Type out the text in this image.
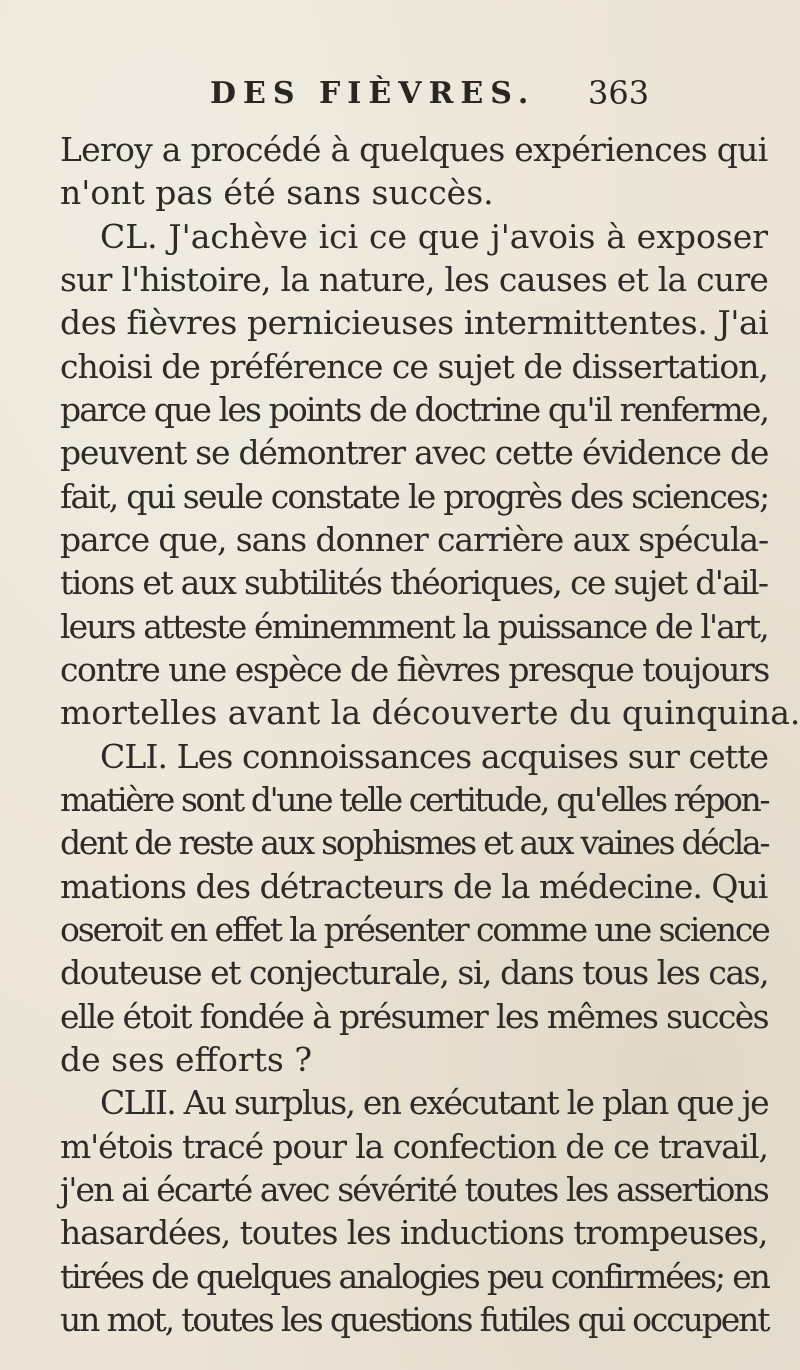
DES FIÈVRES. 363
Leroy a procédé à quelques expériences qui
n'ont pas été sans succès.
CL. J'achève ici ce que j'avois à exposer
sur l'histoire, la nature, les causes et la cure
des fièvres pernicieuses intermittentes. J'ai
choisi de préférence ce sujet de dissertation,
parce que les points de doctrine qu'il renferme,
peuvent se démontrer avec cette évidence de
fait, qui seule constate le progrès des sciences;
parce que, sans donner carrière aux spécula-
tions et aux subtilités théoriques, ce sujet d'ail-
leurs atteste éminemment la puissance de l'art,
contre une espèce de fièvres presque toujours
mortelles avant la découverte du quinquina.
CLI. Les connoissances acquises sur cette
matière sont d'une telle certitude, qu'elles répon-
dent de reste aux sophismes et aux vaines décla-
mations des détracteurs de la médecine. Qui
oseroit en effet la présenter comme une science
douteuse et conjecturale, si, dans tous les cas,
elle étoit fondée à présumer les mêmes succès
de ses efforts ?
CLII. Au surplus, en exécutant le plan que je
m'étois tracé pour la confection de ce travail,
j'en ai écarté avec sévérité toutes les assertions
hasardées, toutes les inductions trompeuses,
tirées de quelques analogies peu confirmées; en
un mot, toutes les questions futiles qui occupent
